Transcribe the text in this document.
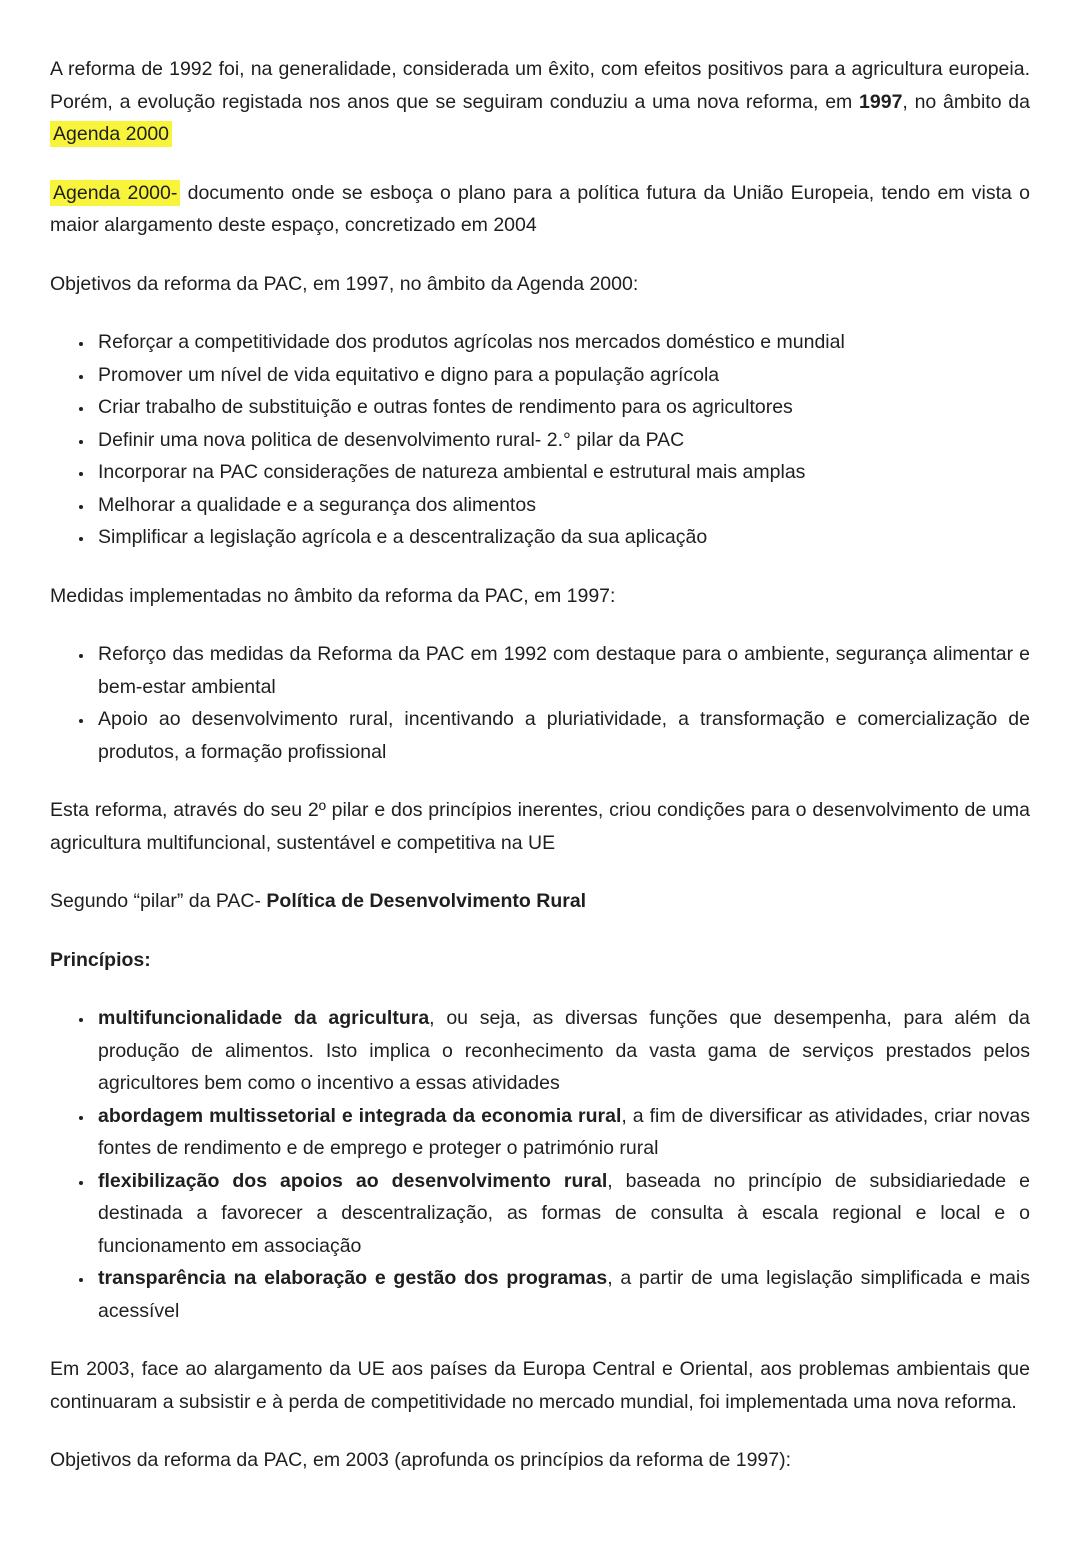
A reforma de 1992 foi, na generalidade, considerada um êxito, com efeitos positivos para a agricultura europeia. Porém, a evolução registada nos anos que se seguiram conduziu a uma nova reforma, em 1997, no âmbito da Agenda 2000

Agenda 2000- documento onde se esboça o plano para a política futura da União Europeia, tendo em vista o maior alargamento deste espaço, concretizado em 2004

Objetivos da reforma da PAC, em 1997, no âmbito da Agenda 2000:

• Reforçar a competitividade dos produtos agrícolas nos mercados doméstico e mundial
• Promover um nível de vida equitativo e digno para a população agrícola
• Criar trabalho de substituição e outras fontes de rendimento para os agricultores
• Definir uma nova politica de desenvolvimento rural- 2.° pilar da PAC
• Incorporar na PAC considerações de natureza ambiental e estrutural mais amplas
• Melhorar a qualidade e a segurança dos alimentos
• Simplificar a legislação agrícola e a descentralização da sua aplicação

Medidas implementadas no âmbito da reforma da PAC, em 1997:

• Reforço das medidas da Reforma da PAC em 1992 com destaque para o ambiente, segurança alimentar e bem-estar ambiental
• Apoio ao desenvolvimento rural, incentivando a pluriatividade, a transformação e comercialização de produtos, a formação profissional

Esta reforma, através do seu 2º pilar e dos princípios inerentes, criou condições para o desenvolvimento de uma agricultura multifuncional, sustentável e competitiva na UE

Segundo “pilar” da PAC- Política de Desenvolvimento Rural

Princípios:

• multifuncionalidade da agricultura, ou seja, as diversas funções que desempenha, para além da produção de alimentos. Isto implica o reconhecimento da vasta gama de serviços prestados pelos agricultores bem como o incentivo a essas atividades
• abordagem multissetorial e integrada da economia rural, a fim de diversificar as atividades, criar novas fontes de rendimento e de emprego e proteger o património rural
• flexibilização dos apoios ao desenvolvimento rural, baseada no princípio de subsidiariedade e destinada a favorecer a descentralização, as formas de consulta à escala regional e local e o funcionamento em associação
• transparência na elaboração e gestão dos programas, a partir de uma legislação simplificada e mais acessível

Em 2003, face ao alargamento da UE aos países da Europa Central e Oriental, aos problemas ambientais que continuaram a subsistir e à perda de competitividade no mercado mundial, foi implementada uma nova reforma.

Objetivos da reforma da PAC, em 2003 (aprofunda os princípios da reforma de 1997):
